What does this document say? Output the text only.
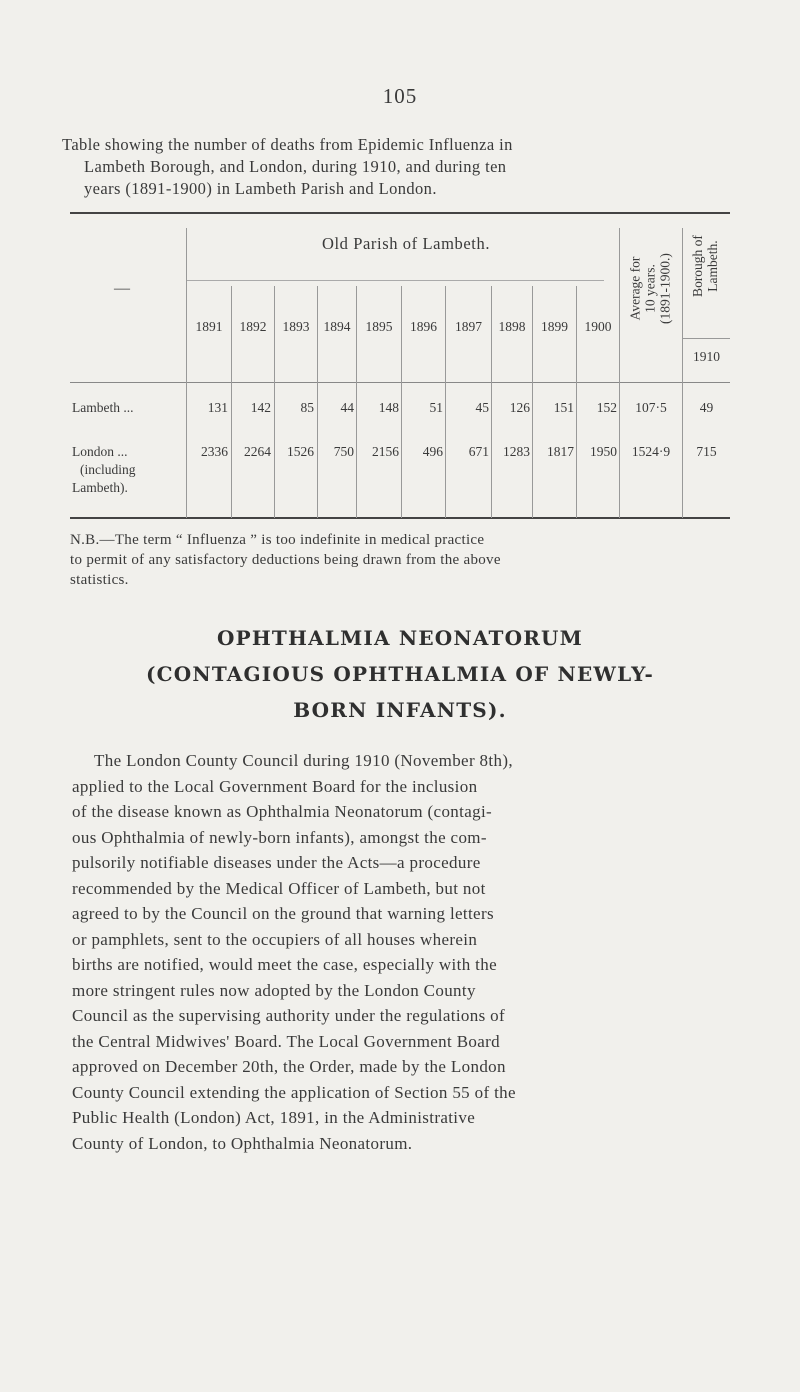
105
Table showing the number of deaths from Epidemic Influenza in
Lambeth Borough, and London, during 1910, and during ten
years (1891-1900) in Lambeth Parish and London.
—
Old Parish of Lambeth.
1891	1892	1893	1894	1895	1896	1897	1898	1899	1900
Average for 10 years. (1891-1900.) Borough of Lambeth.
1910
Lambeth ...	131	142	85	44	148	51	45	126	151	152	107·5	49
London ...
(including
Lambeth).
2336	2264	1526	750	2156	496	671	1283	1817	1950	1524·9	715
N.B.—The term “ Influenza ” is too indefinite in medical practice
to permit of any satisfactory deductions being drawn from the above
statistics.
OPHTHALMIA NEONATORUM
(CONTAGIOUS OPHTHALMIA OF NEWLY-
BORN INFANTS).
The London County Council during 1910 (November 8th),
applied to the Local Government Board for the inclusion
of the disease known as Ophthalmia Neonatorum (contagi-
ous Ophthalmia of newly-born infants), amongst the com-
pulsorily notifiable diseases under the Acts—a procedure
recommended by the Medical Officer of Lambeth, but not
agreed to by the Council on the ground that warning letters
or pamphlets, sent to the occupiers of all houses wherein
births are notified, would meet the case, especially with the
more stringent rules now adopted by the London County
Council as the supervising authority under the regulations of
the Central Midwives' Board. The Local Government Board
approved on December 20th, the Order, made by the London
County Council extending the application of Section 55 of the
Public Health (London) Act, 1891, in the Administrative
County of London, to Ophthalmia Neonatorum.
